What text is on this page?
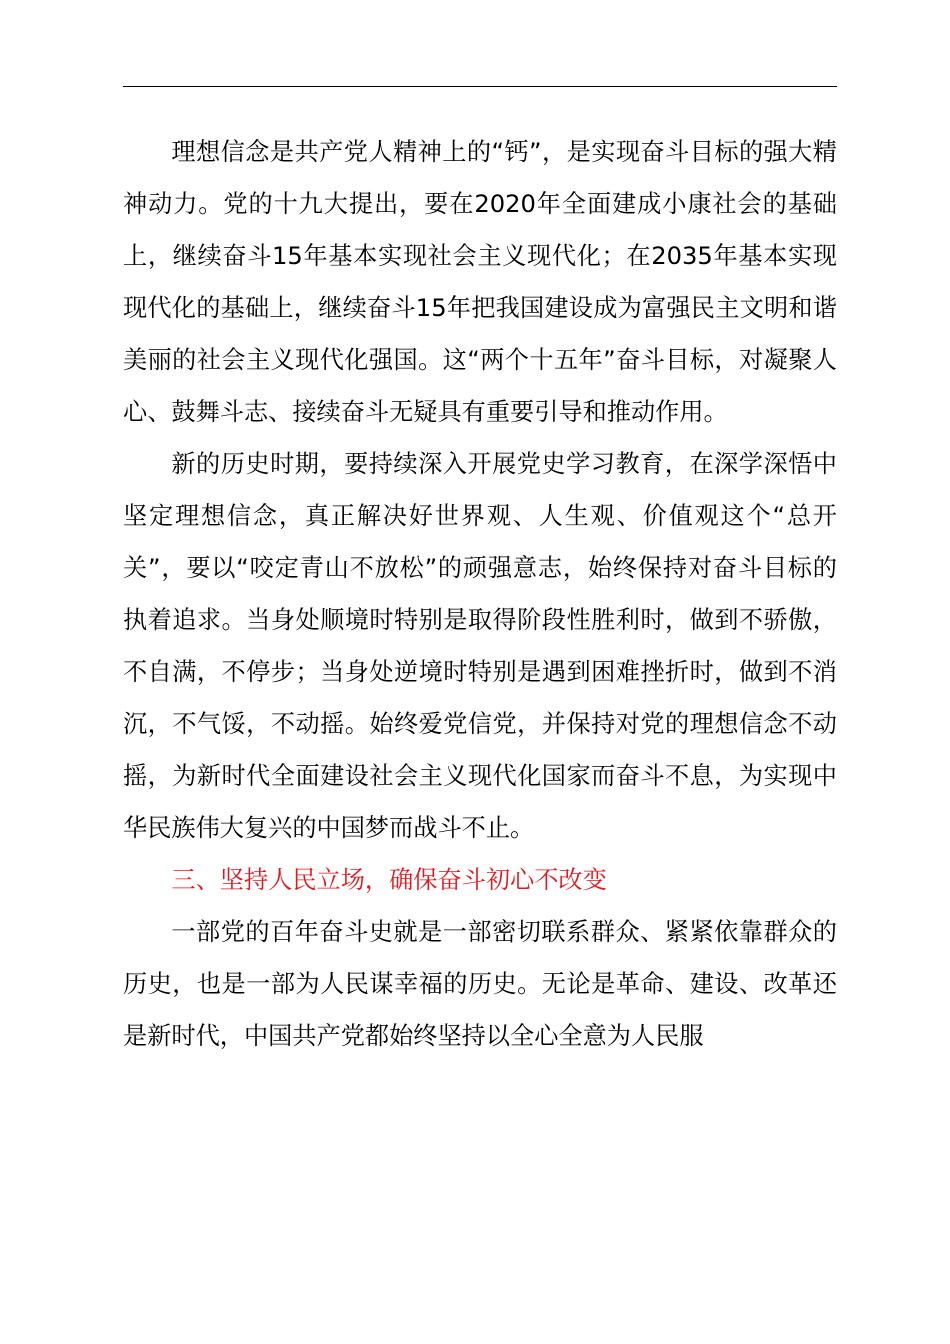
理想信念是共产党人精神上的“钙”，是实现奋斗目标的强大精神动力。党的十九大提出，要在2020年全面建成小康社会的基础上，继续奋斗15年基本实现社会主义现代化；在2035年基本实现现代化的基础上，继续奋斗15年把我国建设成为富强民主文明和谐美丽的社会主义现代化强国。这“两个十五年”奋斗目标，对凝聚人心、鼓舞斗志、接续奋斗无疑具有重要引导和推动作用。

新的历史时期，要持续深入开展党史学习教育，在深学深悟中坚定理想信念，真正解决好世界观、人生观、价值观这个“总开关”，要以“咬定青山不放松”的顽强意志，始终保持对奋斗目标的执着追求。当身处顺境时特别是取得阶段性胜利时，做到不骄傲，不自满，不停步；当身处逆境时特别是遇到困难挫折时，做到不消沉，不气馁，不动摇。始终爱党信党，并保持对党的理想信念不动摇，为新时代全面建设社会主义现代化国家而奋斗不息，为实现中华民族伟大复兴的中国梦而战斗不止。

三、坚持人民立场，确保奋斗初心不改变

一部党的百年奋斗史就是一部密切联系群众、紧紧依靠群众的历史，也是一部为人民谋幸福的历史。无论是革命、建设、改革还是新时代，中国共产党都始终坚持以全心全意为人民服
